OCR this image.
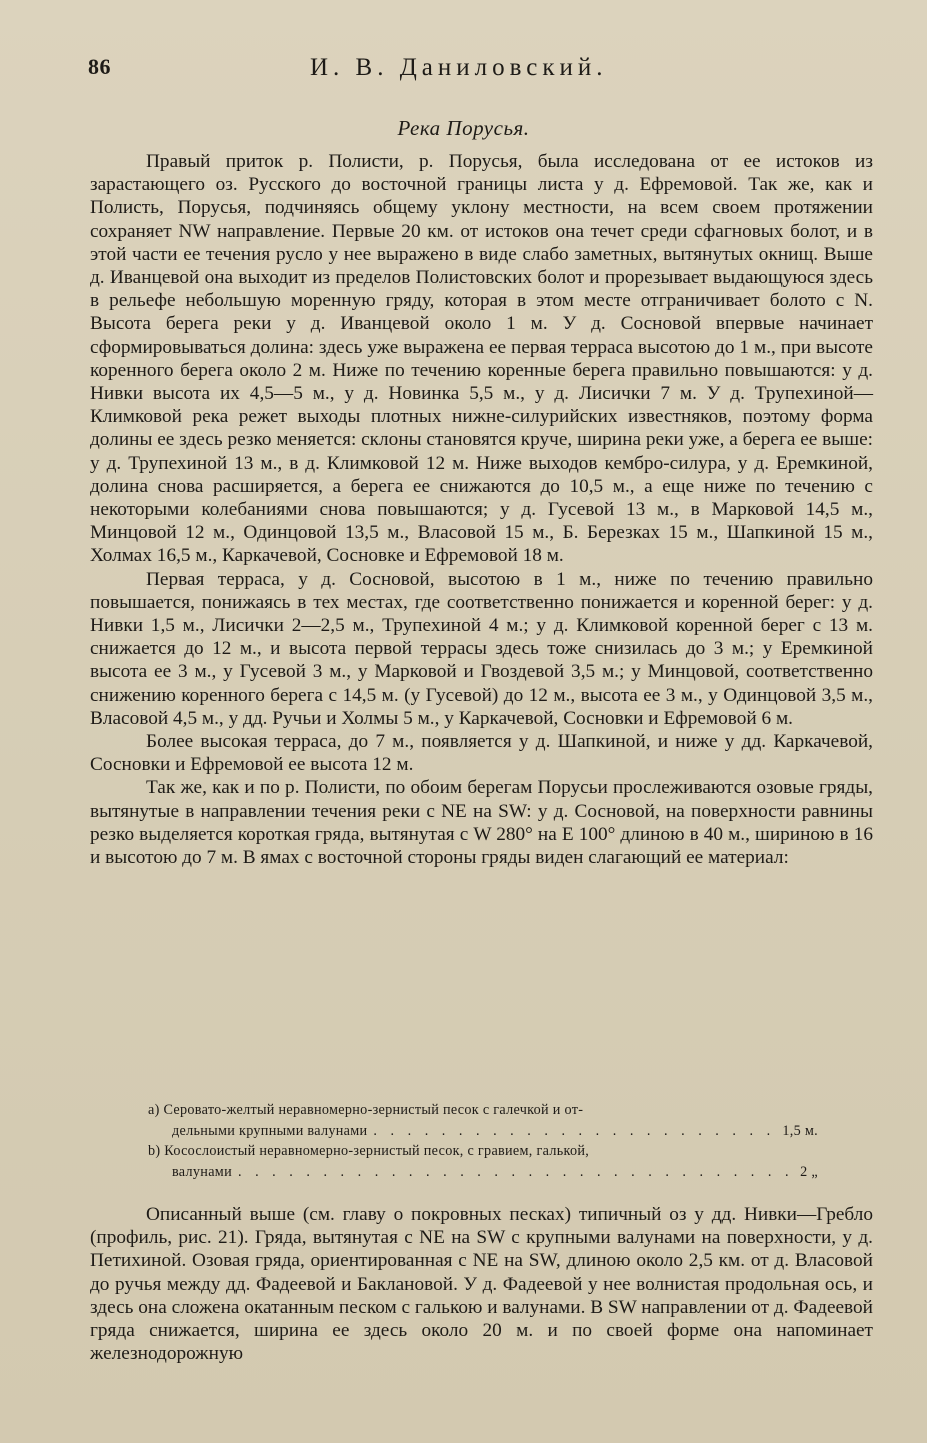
86	И. В. Даниловский.
Река Порусья.

Правый приток р. Полисти, р. Порусья, была исследована от ее истоков из зарастающего оз. Русского до восточной границы листа у д. Ефремовой. Так же, как и Полисть, Порусья, подчиняясь общему уклону местности, на всем своем протяжении сохраняет NW направление. Первые 20 км. от истоков она течет среди сфагновых болот, и в этой части ее течения русло у нее выражено в виде слабо заметных, вытянутых окнищ. Выше д. Иванцевой она выходит из пределов Полистовских болот и прорезывает выдающуюся здесь в рельефе небольшую моренную гряду, которая в этом месте отграничивает болото с N. Высота берега реки у д. Иванцевой около 1 м. У д. Сосновой впервые начинает сформировываться долина: здесь уже выражена ее первая терраса высотою до 1 м., при высоте коренного берега около 2 м. Ниже по течению коренные берега правильно повышаются: у д. Нивки высота их 4,5—5 м., у д. Новинка 5,5 м., у д. Лисички 7 м. У д. Трупехиной—Климковой река режет выходы плотных нижне-силурийских известняков, поэтому форма долины ее здесь резко меняется: склоны становятся круче, ширина реки уже, а берега ее выше: у д. Трупехиной 13 м., в д. Климковой 12 м. Ниже выходов кембро-силура, у д. Еремкиной, долина снова расширяется, а берега ее снижаются до 10,5 м., а еще ниже по течению с некоторыми колебаниями снова повышаются; у д. Гусевой 13 м., в Марковой 14,5 м., Минцовой 12 м., Одинцовой 13,5 м., Власовой 15 м., Б. Березках 15 м., Шапкиной 15 м., Холмах 16,5 м., Каркачевой, Сосновке и Ефремовой 18 м.

Первая терраса, у д. Сосновой, высотою в 1 м., ниже по течению правильно повышается, понижаясь в тех местах, где соответственно понижается и коренной берег: у д. Нивки 1,5 м., Лисички 2—2,5 м., Трупехиной 4 м.; у д. Климковой коренной берег с 13 м. снижается до 12 м., и высота первой террасы здесь тоже снизилась до 3 м.; у Еремкиной высота ее 3 м., у Гусевой 3 м., у Марковой и Гвоздевой 3,5 м.; у Минцовой, соответственно снижению коренного берега с 14,5 м. (у Гусевой) до 12 м., высота ее 3 м., у Одинцовой 3,5 м., Власовой 4,5 м., у дд. Ручьи и Холмы 5 м., у Каркачевой, Сосновки и Ефремовой 6 м.

Более высокая терраса, до 7 м., появляется у д. Шапкиной, и ниже у дд. Каркачевой, Сосновки и Ефремовой ее высота 12 м.

Так же, как и по р. Полисти, по обоим берегам Порусьи прослеживаются озовые гряды, вытянутые в направлении течения реки с NE на SW: у д. Сосновой, на поверхности равнины резко выделяется короткая гряда, вытянутая с W 280° на E 100° длиною в 40 м., шириною в 16 и высотою до 7 м. В ямах с восточной стороны гряды виден слагающий ее материал:

a) Серовато-желтый неравномерно-зернистый песок с галечкой и от-
дельными крупными валунами . . .	1,5 м.
b) Косослоистый неравномерно-зернистый песок, с гравием, галькой,
валунами . . .	2 „

Описанный выше (см. главу о покровных песках) типичный оз у дд. Нивки—Гребло (профиль, рис. 21). Гряда, вытянутая с NE на SW с крупными валунами на поверхности, у д. Петихиной. Озовая гряда, ориентированная с NE на SW, длиною около 2,5 км. от д. Власовой до ручья между дд. Фадеевой и Баклановой. У д. Фадеевой у нее волнистая продольная ось, и здесь она сложена окатанным песком с галькою и валунами. В SW направлении от д. Фадеевой гряда снижается, ширина ее здесь около 20 м. и по своей форме она напоминает железнодорожную
